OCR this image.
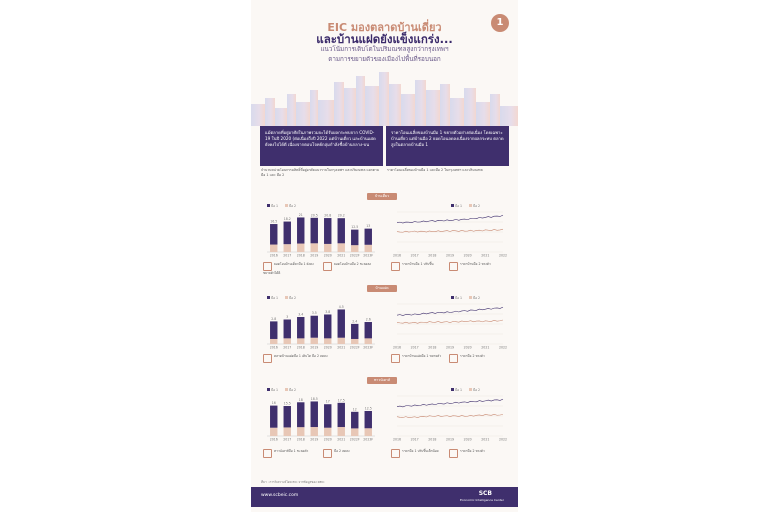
EIC มองตลาดบ้านเดี่ยว
และบ้านแฝดยังแข็งแกร่ง...
แนวโน้มการเติบโตในปริมณฑลสูงกว่ากรุงเทพฯ
ตามการขยายตัวของเมืองไปพื้นที่รอบนอก
1
แม้ตลาดที่อยู่อาศัยในภาพรวมจะได้รับผลกระทบจาก COVID-19 ในปี 2020 (ต่อเนื่องถึงปี 2022 แต่บ้านเดี่ยว และบ้านแฝด ยังคงไปได้ดี เนื่องจากตอบโจทย์กลุ่มกำลังซื้อบ้านกลาง-บน
ราคาโอนเฉลี่ยของบ้านมือ 1 ขยายตัวอย่างต่อเนื่อง โดยเฉพาะบ้านเดี่ยว แต่บ้านมือ 2 ยอดโอนลดลงเนื่องจากผลกระทบ ตลาดสูงในตลาดบ้านมือ 1
จำนวนหน่วยโอนกรรมสิทธิ์ที่อยู่อาศัยแนวราบในกรุงเทพฯ และปริมณฑล แยกตามมือ 1 และ มือ 2
ราคาโอนเฉลี่ยของบ้านมือ 1 และมือ 2 ในกรุงเทพฯ และปริมณฑล
บ้านเดี่ยว
มือ 1	มือ 2
16.5
2016
18.2
2017
21
2018
20.5
2019
20.8
2020
20.2
2021
12.5
2022F
13
2023F
มือ 1	มือ 2
2016	2017	2018	2019	2020	2021	2022
ยอดโอนบ้านเดี่ยวมือ 1 ยังคงขยายตัวได้ดี
ยอดโอนบ้านมือ 2 ชะลอลง	ราคาบ้านมือ 1 ปรับขึ้น	ราคาบ้านมือ 2 ทรงตัว
บ้านแฝด
มือ 1	มือ 2
2.8
2016
3
2017
3.4
2018
3.5
2019
3.8
2020
4.5
2021
2.4
2022F
2.6
2023F
มือ 1	มือ 2
2016	2017	2018	2019	2020	2021	2022
ตลาดบ้านแฝดมือ 1 เติบโต มือ 2 ลดลง	ราคาบ้านแฝดมือ 1 ขยายตัว	ราคามือ 2 ทรงตัว
ทาวน์เฮาส์
มือ 1	มือ 2
16
2016
15.5
2017
18
2018
18.5
2019
17
2020
17.5
2021
12
2022F
12.5
2023F
มือ 1	มือ 2
2016	2017	2018	2019	2020	2021	2022
ทาวน์เฮาส์มือ 1 ชะลอตัว	มือ 2 ลดลง	ราคามือ 1 ปรับขึ้นเล็กน้อย	ราคามือ 2 ทรงตัว
ที่มา : การวิเคราะห์โดย EIC จากข้อมูลของ REIC
www.scbeic.com	SCB
Economic Intelligence Center
